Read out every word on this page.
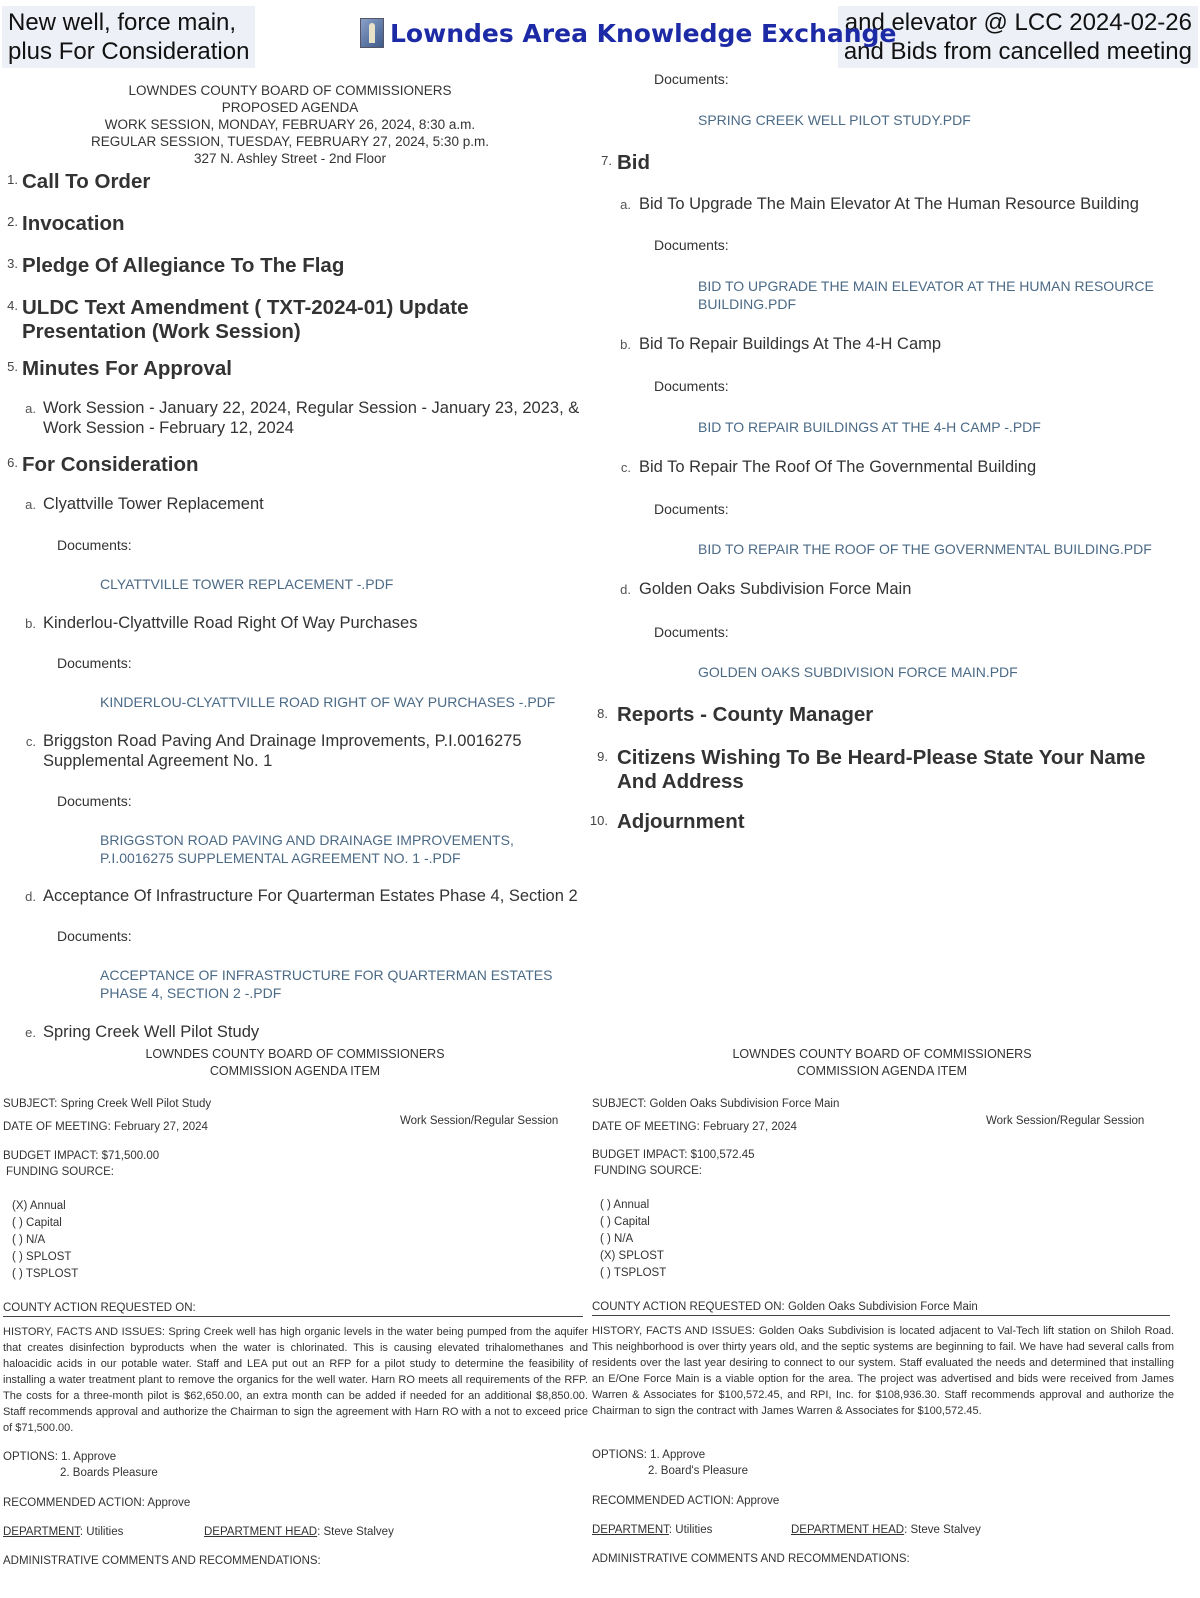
New well, force main,
plus For Consideration
and elevator @ LCC 2024-02-26
and Bids from cancelled meeting
Lowndes Area Knowledge Exchange
LOWNDES COUNTY BOARD OF COMMISSIONERS
PROPOSED AGENDA
WORK SESSION, MONDAY, FEBRUARY 26, 2024, 8:30 a.m.
REGULAR SESSION, TUESDAY, FEBRUARY 27, 2024, 5:30 p.m.
327 N. Ashley Street - 2nd Floor
1. Call To Order
2. Invocation
3. Pledge Of Allegiance To The Flag
4. ULDC Text Amendment ( TXT-2024-01) Update Presentation (Work Session)
5. Minutes For Approval
a. Work Session - January 22, 2024, Regular Session - January 23, 2023, & Work Session - February 12, 2024
6. For Consideration
a. Clyattville Tower Replacement
Documents:
CLYATTVILLE TOWER REPLACEMENT -.PDF
b. Kinderlou-Clyattville Road Right Of Way Purchases
Documents:
KINDERLOU-CLYATTVILLE ROAD RIGHT OF WAY PURCHASES -.PDF
c. Briggston Road Paving And Drainage Improvements, P.I.0016275 Supplemental Agreement No. 1
Documents:
BRIGGSTON ROAD PAVING AND DRAINAGE IMPROVEMENTS, P.I.0016275 SUPPLEMENTAL AGREEMENT NO. 1 -.PDF
d. Acceptance Of Infrastructure For Quarterman Estates Phase 4, Section 2
Documents:
ACCEPTANCE OF INFRASTRUCTURE FOR QUARTERMAN ESTATES PHASE 4, SECTION 2 -.PDF
e. Spring Creek Well Pilot Study
Documents:
SPRING CREEK WELL PILOT STUDY.PDF
7. Bid
a. Bid To Upgrade The Main Elevator At The Human Resource Building
Documents:
BID TO UPGRADE THE MAIN ELEVATOR AT THE HUMAN RESOURCE BUILDING.PDF
b. Bid To Repair Buildings At The 4-H Camp
Documents:
BID TO REPAIR BUILDINGS AT THE 4-H CAMP -.PDF
c. Bid To Repair The Roof Of The Governmental Building
Documents:
BID TO REPAIR THE ROOF OF THE GOVERNMENTAL BUILDING.PDF
d. Golden Oaks Subdivision Force Main
Documents:
GOLDEN OAKS SUBDIVISION FORCE MAIN.PDF
8. Reports - County Manager
9. Citizens Wishing To Be Heard-Please State Your Name And Address
10. Adjournment
LOWNDES COUNTY BOARD OF COMMISSIONERS
COMMISSION AGENDA ITEM
SUBJECT: Spring Creek Well Pilot Study
DATE OF MEETING: February 27, 2024	Work Session/Regular Session
BUDGET IMPACT: $71,500.00
FUNDING SOURCE:
(X) Annual
( ) Capital
( ) N/A
( ) SPLOST
( ) TSPLOST
COUNTY ACTION REQUESTED ON:
HISTORY, FACTS AND ISSUES: Spring Creek well has high organic levels in the water being pumped from the aquifer that creates disinfection byproducts when the water is chlorinated. This is causing elevated trihalomethanes and haloacidic acids in our potable water. Staff and LEA put out an RFP for a pilot study to determine the feasibility of installing a water treatment plant to remove the organics for the well water. Harn RO meets all requirements of the RFP. The costs for a three-month pilot is $62,650.00, an extra month can be added if needed for an additional $8,850.00. Staff recommends approval and authorize the Chairman to sign the agreement with Harn RO with a not to exceed price of $71,500.00.
OPTIONS: 1. Approve
2. Boards Pleasure
RECOMMENDED ACTION: Approve
DEPARTMENT: Utilities	DEPARTMENT HEAD: Steve Stalvey
ADMINISTRATIVE COMMENTS AND RECOMMENDATIONS:
LOWNDES COUNTY BOARD OF COMMISSIONERS
COMMISSION AGENDA ITEM
SUBJECT: Golden Oaks Subdivision Force Main
DATE OF MEETING: February 27, 2024	Work Session/Regular Session
BUDGET IMPACT: $100,572.45
FUNDING SOURCE:
( ) Annual
( ) Capital
( ) N/A
(X) SPLOST
( ) TSPLOST
COUNTY ACTION REQUESTED ON: Golden Oaks Subdivision Force Main
HISTORY, FACTS AND ISSUES: Golden Oaks Subdivision is located adjacent to Val-Tech lift station on Shiloh Road. This neighborhood is over thirty years old, and the septic systems are beginning to fail. We have had several calls from residents over the last year desiring to connect to our system. Staff evaluated the needs and determined that installing an E/One Force Main is a viable option for the area. The project was advertised and bids were received from James Warren & Associates for $100,572.45, and RPI, Inc. for $108,936.30. Staff recommends approval and authorize the Chairman to sign the contract with James Warren & Associates for $100,572.45.
OPTIONS: 1. Approve
2. Board's Pleasure
RECOMMENDED ACTION: Approve
DEPARTMENT: Utilities	DEPARTMENT HEAD: Steve Stalvey
ADMINISTRATIVE COMMENTS AND RECOMMENDATIONS:
